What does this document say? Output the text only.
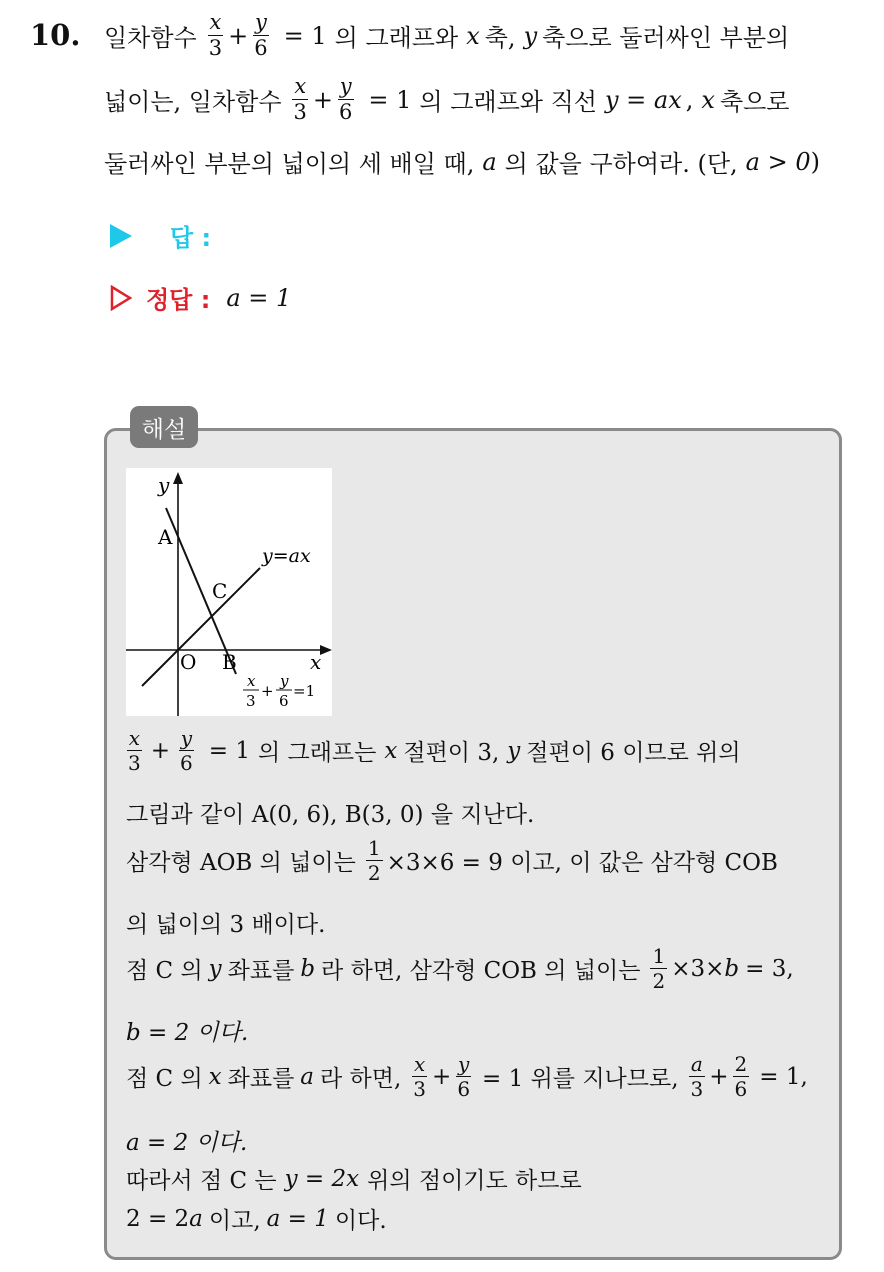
10. 일차함수 $\frac{x}{3} + \frac{y}{6} = 1$ 의 그래프와 x 축, y 축으로 둘러싸인 부분의
넓이는, 일차함수 $\frac{x}{3} + \frac{y}{6} = 1$ 의 그래프와 직선 y = ax , x 축으로
둘러싸인 부분의 넓이의 세 배일 때, a 의 값을 구하여라. (단, a > 0 )
답 :
정답 : a = 1
해설
y
A
C
y=ax
O B	x
x
3
+
y
6
=1
$\frac{x}{3} + \frac{y}{6} = 1$ 의 그래프는 x 절편이 3, y 절편이 6 이므로 위의
그림과 같이 A(0, 6), B(3, 0) 을 지난다.
삼각형 AOB 의 넓이는 $\frac{1}{2} \times 3\times 6 = 9$ 이고, 이 값은 삼각형 COB
의 넓이의 3 배이다.
점 C 의 y 좌표를 b 라 하면, 삼각형 COB 의 넓이는 $\frac{1}{2} \times 3\times b = 3$,
b = 2 이다.
점 C 의 x 좌표를 a 라 하면, $\frac{x}{3} + \frac{y}{6} = 1$ 위를 지나므로, $\frac{a}{3} + \frac{2}{6} = 1$,
a = 2 이다.
따라서 점 C 는 y = 2x 위의 점이기도 하므로
2 = 2 a 이고, a = 1 이다.
